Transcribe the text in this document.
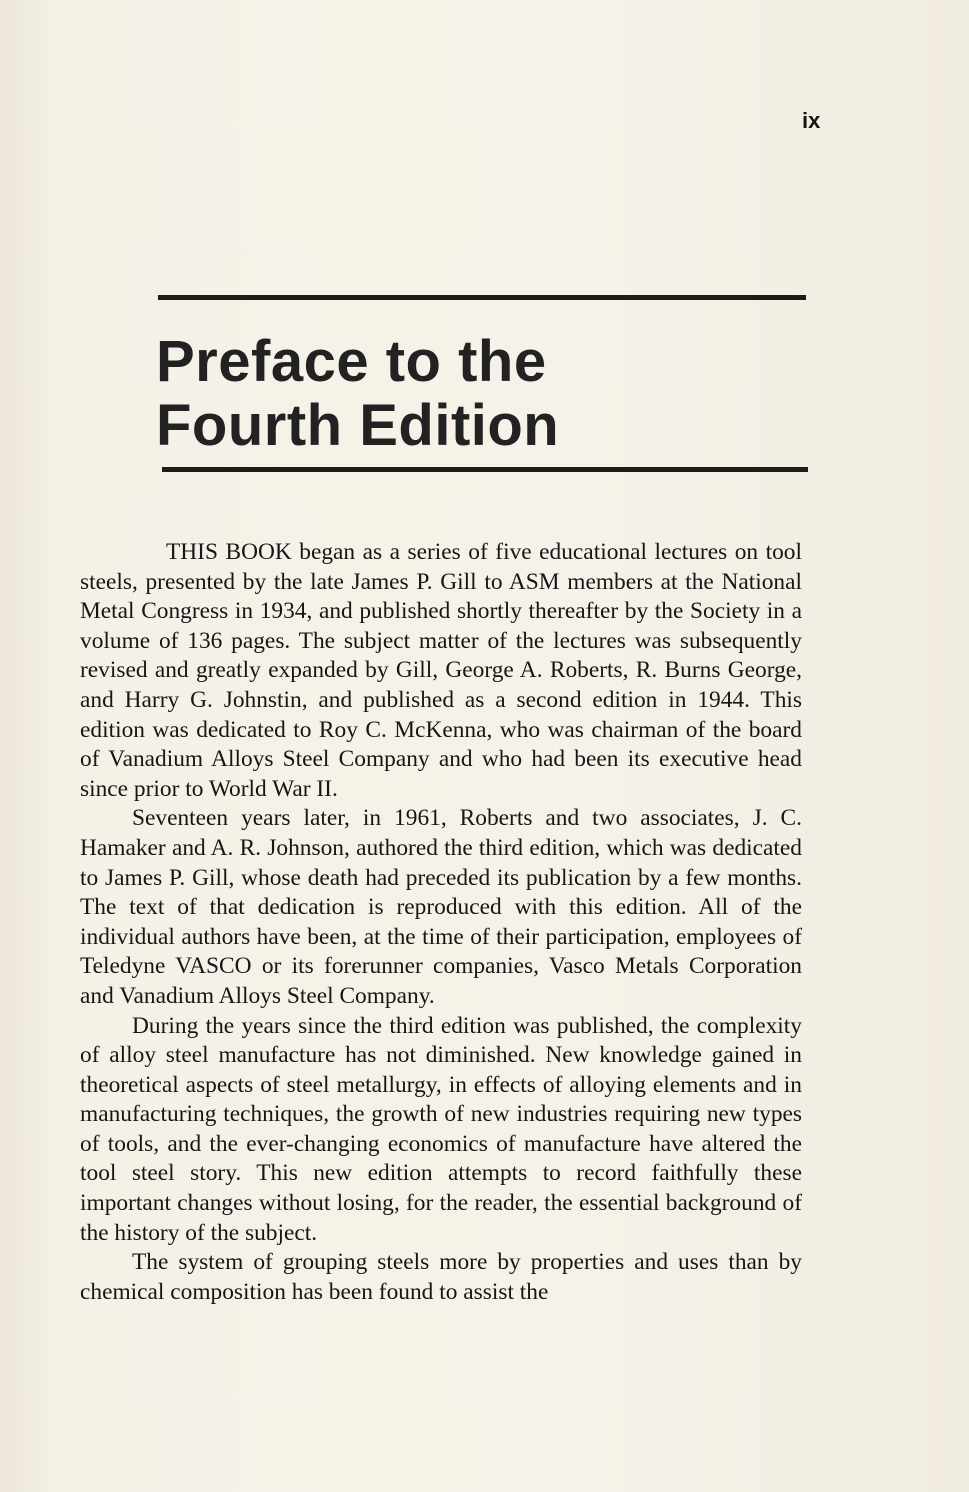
ix
Preface to the
Fourth Edition

THIS BOOK began as a series of five educational lectures on tool steels, presented by the late James P. Gill to ASM members at the National Metal Congress in 1934, and published shortly thereafter by the Society in a volume of 136 pages. The subject matter of the lectures was subsequently revised and greatly expanded by Gill, George A. Roberts, R. Burns George, and Harry G. Johnstin, and published as a second edition in 1944. This edition was dedicated to Roy C. McKenna, who was chairman of the board of Vanadium Alloys Steel Company and who had been its executive head since prior to World War II.

Seventeen years later, in 1961, Roberts and two associates, J. C. Hamaker and A. R. Johnson, authored the third edition, which was dedicated to James P. Gill, whose death had preceded its publication by a few months. The text of that dedication is reproduced with this edition. All of the individual authors have been, at the time of their participation, employees of Teledyne VASCO or its forerunner companies, Vasco Metals Corporation and Vanadium Alloys Steel Company.

During the years since the third edition was published, the complexity of alloy steel manufacture has not diminished. New knowledge gained in theoretical aspects of steel metallurgy, in effects of alloying elements and in manufacturing techniques, the growth of new industries requiring new types of tools, and the ever-changing economics of manufacture have altered the tool steel story. This new edition attempts to record faithfully these important changes without losing, for the reader, the essential background of the history of the subject.

The system of grouping steels more by properties and uses than by chemical composition has been found to assist the
